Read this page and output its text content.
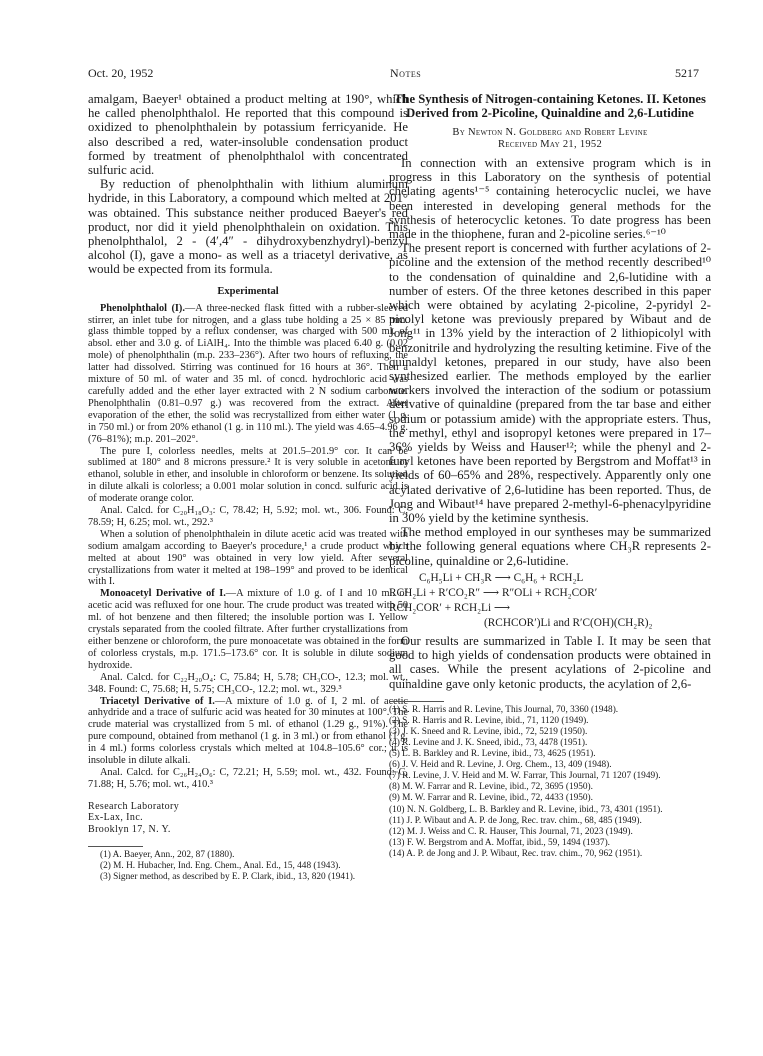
Oct. 20, 1952	Notes	5217

amalgam, Baeyer¹ obtained a product melting at 190°, which he called phenolphthalol. He reported that this compound is oxidized to phenolphthalein by potassium ferricyanide. He also described a red, water-insoluble condensation product formed by treatment of phenolphthalol with concentrated sulfuric acid.

By reduction of phenolphthalin with lithium aluminum hydride, in this Laboratory, a compound which melted at 201° was obtained. This substance neither produced Baeyer's red product, nor did it yield phenolphthalein on oxidation. This phenolphthalol, 2 - (4′,4″ - dihydroxybenzhydryl)-benzyl alcohol (I), gave a mono- as well as a triacetyl derivative, as would be expected from its formula.

Experimental

Phenolphthalol (I).—A three-necked flask fitted with a rubber-sleeved stirrer, an inlet tube for nitrogen, and a glass tube holding a 25 × 85 mm. glass thimble topped by a reflux condenser, was charged with 500 ml. of absol. ether and 3.0 g. of LiAlH₄. Into the thimble was placed 6.40 g. (0.02 mole) of phenolphthalin (m.p. 233–236°). After two hours of refluxing, the latter had dissolved. Stirring was continued for 16 hours at 36°. Then a mixture of 50 ml. of water and 35 ml. of concd. hydrochloric acid was carefully added and the ether layer extracted with 2 N sodium carbonate. Phenolphthalin (0.81–0.97 g.) was recovered from the extract. After evaporation of the ether, the solid was recrystallized from either water (1 g. in 750 ml.) or from 20% ethanol (1 g. in 110 ml.). The yield was 4.65–4.96 g. (76–81%); m.p. 201–202°.

The pure I, colorless needles, melts at 201.5–201.9° cor. It can be sublimed at 180° and 8 microns pressure.² It is very soluble in acetone or ethanol, soluble in ether, and insoluble in chloroform or benzene. Its solution in dilute alkali is colorless; a 0.001 molar solution in concd. sulfuric acid is of moderate orange color.

Anal. Calcd. for C₂₀H₁₈O₃: C, 78.42; H, 5.92; mol. wt., 306. Found: C, 78.59; H, 6.25; mol. wt., 292.³

When a solution of phenolphthalein in dilute acetic acid was treated with sodium amalgam according to Baeyer's procedure,¹ a crude product which melted at about 190° was obtained in very low yield. After several crystallizations from water it melted at 198–199° and proved to be identical with I.

Monoacetyl Derivative of I.—A mixture of 1.0 g. of I and 10 ml. of acetic acid was refluxed for one hour. The crude product was treated with 50 ml. of hot benzene and then filtered; the insoluble portion was I. Yellow crystals separated from the cooled filtrate. After further crystallizations from either benzene or chloroform, the pure monoacetate was obtained in the form of colorless crystals, m.p. 171.5–173.6° cor. It is soluble in dilute sodium hydroxide.

Anal. Calcd. for C₂₂H₂₀O₄: C, 75.84; H, 5.78; CH₃CO-, 12.3; mol. wt., 348. Found: C, 75.68; H, 5.75; CH₃CO-, 12.2; mol. wt., 329.³

Triacetyl Derivative of I.—A mixture of 1.0 g. of I, 2 ml. of acetic anhydride and a trace of sulfuric acid was heated for 30 minutes at 100°. The crude material was crystallized from 5 ml. of ethanol (1.29 g., 91%). The pure compound, obtained from methanol (1 g. in 3 ml.) or from ethanol (1 g. in 4 ml.) forms colorless crystals which melted at 104.8–105.6° cor.; it is insoluble in dilute alkali.

Anal. Calcd. for C₂₆H₂₄O₆: C, 72.21; H, 5.59; mol. wt., 432. Found: C, 71.88; H, 5.76; mol. wt., 410.³

Research Laboratory
Ex-Lax, Inc.
Brooklyn 17, N. Y.

(1) A. Baeyer, Ann., 202, 87 (1880).

(2) M. H. Hubacher, Ind. Eng. Chem., Anal. Ed., 15, 448 (1943).

(3) Signer method, as described by E. P. Clark, ibid., 13, 820 (1941).

The Synthesis of Nitrogen-containing Ketones. II. Ketones Derived from 2-Picoline, Quinaldine and 2,6-Lutidine

By Newton N. Goldberg and Robert Levine

Received May 21, 1952

In connection with an extensive program which is in progress in this Laboratory on the synthesis of potential chelating agents¹⁻⁵ containing heterocyclic nuclei, we have been interested in developing general methods for the synthesis of heterocyclic ketones. To date progress has been made in the thiophene, furan and 2-picoline series.⁶⁻¹⁰

The present report is concerned with further acylations of 2-picoline and the extension of the method recently described¹⁰ to the condensation of quinaldine and 2,6-lutidine with a number of esters. Of the three ketones described in this paper which were obtained by acylating 2-picoline, 2-pyridyl 2-picolyl ketone was previously prepared by Wibaut and de Jong¹¹ in 13% yield by the interaction of 2 lithiopicolyl with benzonitrile and hydrolyzing the resulting ketimine. Five of the quinaldyl ketones, prepared in our study, have also been synthesized earlier. The methods employed by the earlier workers involved the interaction of the sodium or potassium derivative of quinaldine (prepared from the tar base and either sodium or potassium amide) with the appropriate esters. Thus, the methyl, ethyl and isopropyl ketones were prepared in 17–36% yields by Weiss and Hauser¹²; while the phenyl and 2-furyl ketones have been reported by Bergstrom and Moffat¹³ in yields of 60–65% and 28%, respectively. Apparently only one acylated derivative of 2,6-lutidine has been reported. Thus, de Jong and Wibaut¹⁴ have prepared 2-methyl-6-phenacylpyridine in 30% yield by the ketimine synthesis.

The method employed in our syntheses may be summarized by the following general equations where CH₃R represents 2-picoline, quinaldine or 2,6-lutidine.

C₆H₅Li + CH₃R ⟶ C₆H₆ + RCH₂L
RCH₂Li + R′CO₂R″ ⟶ R″OLi + RCH₂COR′
RCH₂COR′ + RCH₂Li ⟶
(RCHCOR′)Li and R′C(OH)(CH₂R)₂

Our results are summarized in Table I. It may be seen that good to high yields of condensation products were obtained in all cases. While the present acylations of 2-picoline and quinaldine gave only ketonic products, the acylation of 2,6-

(1) S. R. Harris and R. Levine, This Journal, 70, 3360 (1948).

(2) S. R. Harris and R. Levine, ibid., 71, 1120 (1949).

(3) J. K. Sneed and R. Levine, ibid., 72, 5219 (1950).

(4) R. Levine and J. K. Sneed, ibid., 73, 4478 (1951).

(5) L. B. Barkley and R. Levine, ibid., 73, 4625 (1951).

(6) J. V. Heid and R. Levine, J. Org. Chem., 13, 409 (1948).

(7) R. Levine, J. V. Heid and M. W. Farrar, This Journal, 71 1207 (1949).

(8) M. W. Farrar and R. Levine, ibid., 72, 3695 (1950).

(9) M. W. Farrar and R. Levine, ibid., 72, 4433 (1950).

(10) N. N. Goldberg, L. B. Barkley and R. Levine, ibid., 73, 4301 (1951).

(11) J. P. Wibaut and A. P. de Jong, Rec. trav. chim., 68, 485 (1949).

(12) M. J. Weiss and C. R. Hauser, This Journal, 71, 2023 (1949).

(13) F. W. Bergstrom and A. Moffat, ibid., 59, 1494 (1937).

(14) A. P. de Jong and J. P. Wibaut, Rec. trav. chim., 70, 962 (1951).
